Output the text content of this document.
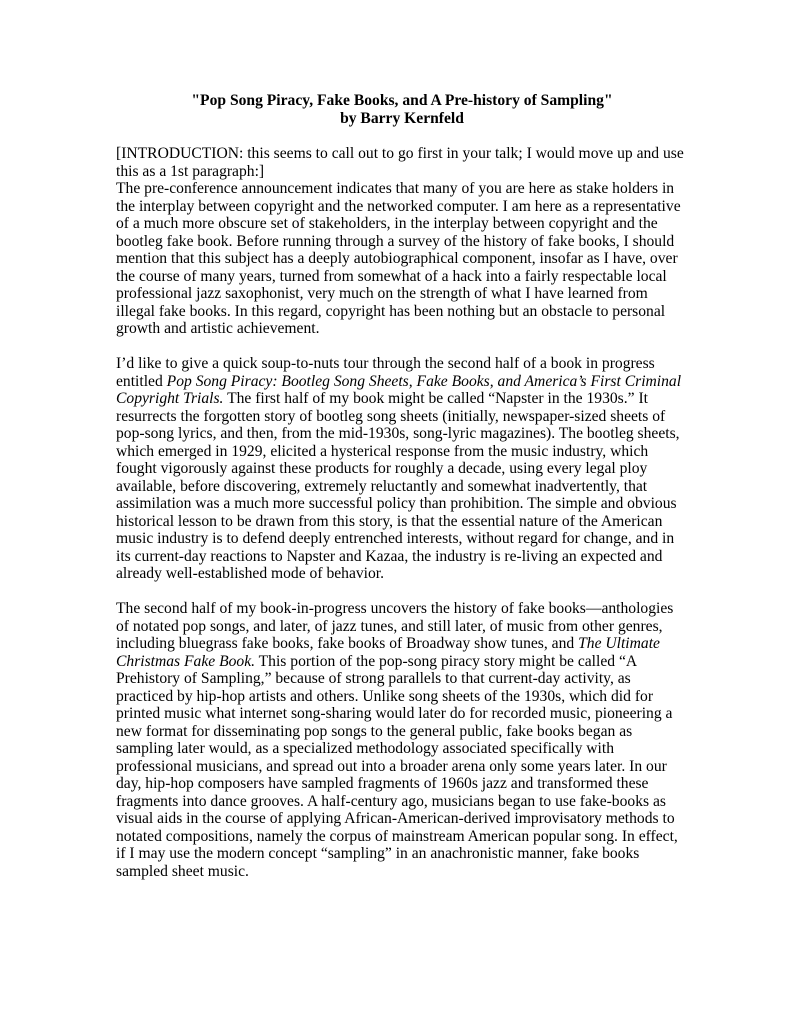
"Pop Song Piracy, Fake Books, and A Pre-history of Sampling"
by Barry Kernfeld

[INTRODUCTION: this seems to call out to go first in your talk; I would move up and use this as a 1st paragraph:]

The pre-conference announcement indicates that many of you are here as stake holders in the interplay between copyright and the networked computer. I am here as a representative of a much more obscure set of stakeholders, in the interplay between copyright and the bootleg fake book. Before running through a survey of the history of fake books, I should mention that this subject has a deeply autobiographical component, insofar as I have, over the course of many years, turned from somewhat of a hack into a fairly respectable local professional jazz saxophonist, very much on the strength of what I have learned from illegal fake books. In this regard, copyright has been nothing but an obstacle to personal growth and artistic achievement.

I’d like to give a quick soup-to-nuts tour through the second half of a book in progress entitled Pop Song Piracy: Bootleg Song Sheets, Fake Books, and America’s First Criminal Copyright Trials. The first half of my book might be called “Napster in the 1930s.” It resurrects the forgotten story of bootleg song sheets (initially, newspaper-sized sheets of pop-song lyrics, and then, from the mid-1930s, song-lyric magazines). The bootleg sheets, which emerged in 1929, elicited a hysterical response from the music industry, which fought vigorously against these products for roughly a decade, using every legal ploy available, before discovering, extremely reluctantly and somewhat inadvertently, that assimilation was a much more successful policy than prohibition. The simple and obvious historical lesson to be drawn from this story, is that the essential nature of the American music industry is to defend deeply entrenched interests, without regard for change, and in its current-day reactions to Napster and Kazaa, the industry is re-living an expected and already well-established mode of behavior.

The second half of my book-in-progress uncovers the history of fake books—anthologies of notated pop songs, and later, of jazz tunes, and still later, of music from other genres, including bluegrass fake books, fake books of Broadway show tunes, and The Ultimate Christmas Fake Book. This portion of the pop-song piracy story might be called “A Prehistory of Sampling,” because of strong parallels to that current-day activity, as practiced by hip-hop artists and others. Unlike song sheets of the 1930s, which did for printed music what internet song-sharing would later do for recorded music, pioneering a new format for disseminating pop songs to the general public, fake books began as sampling later would, as a specialized methodology associated specifically with professional musicians, and spread out into a broader arena only some years later. In our day, hip-hop composers have sampled fragments of 1960s jazz and transformed these fragments into dance grooves. A half-century ago, musicians began to use fake-books as visual aids in the course of applying African-American-derived improvisatory methods to notated compositions, namely the corpus of mainstream American popular song. In effect, if I may use the modern concept “sampling” in an anachronistic manner, fake books sampled sheet music.
